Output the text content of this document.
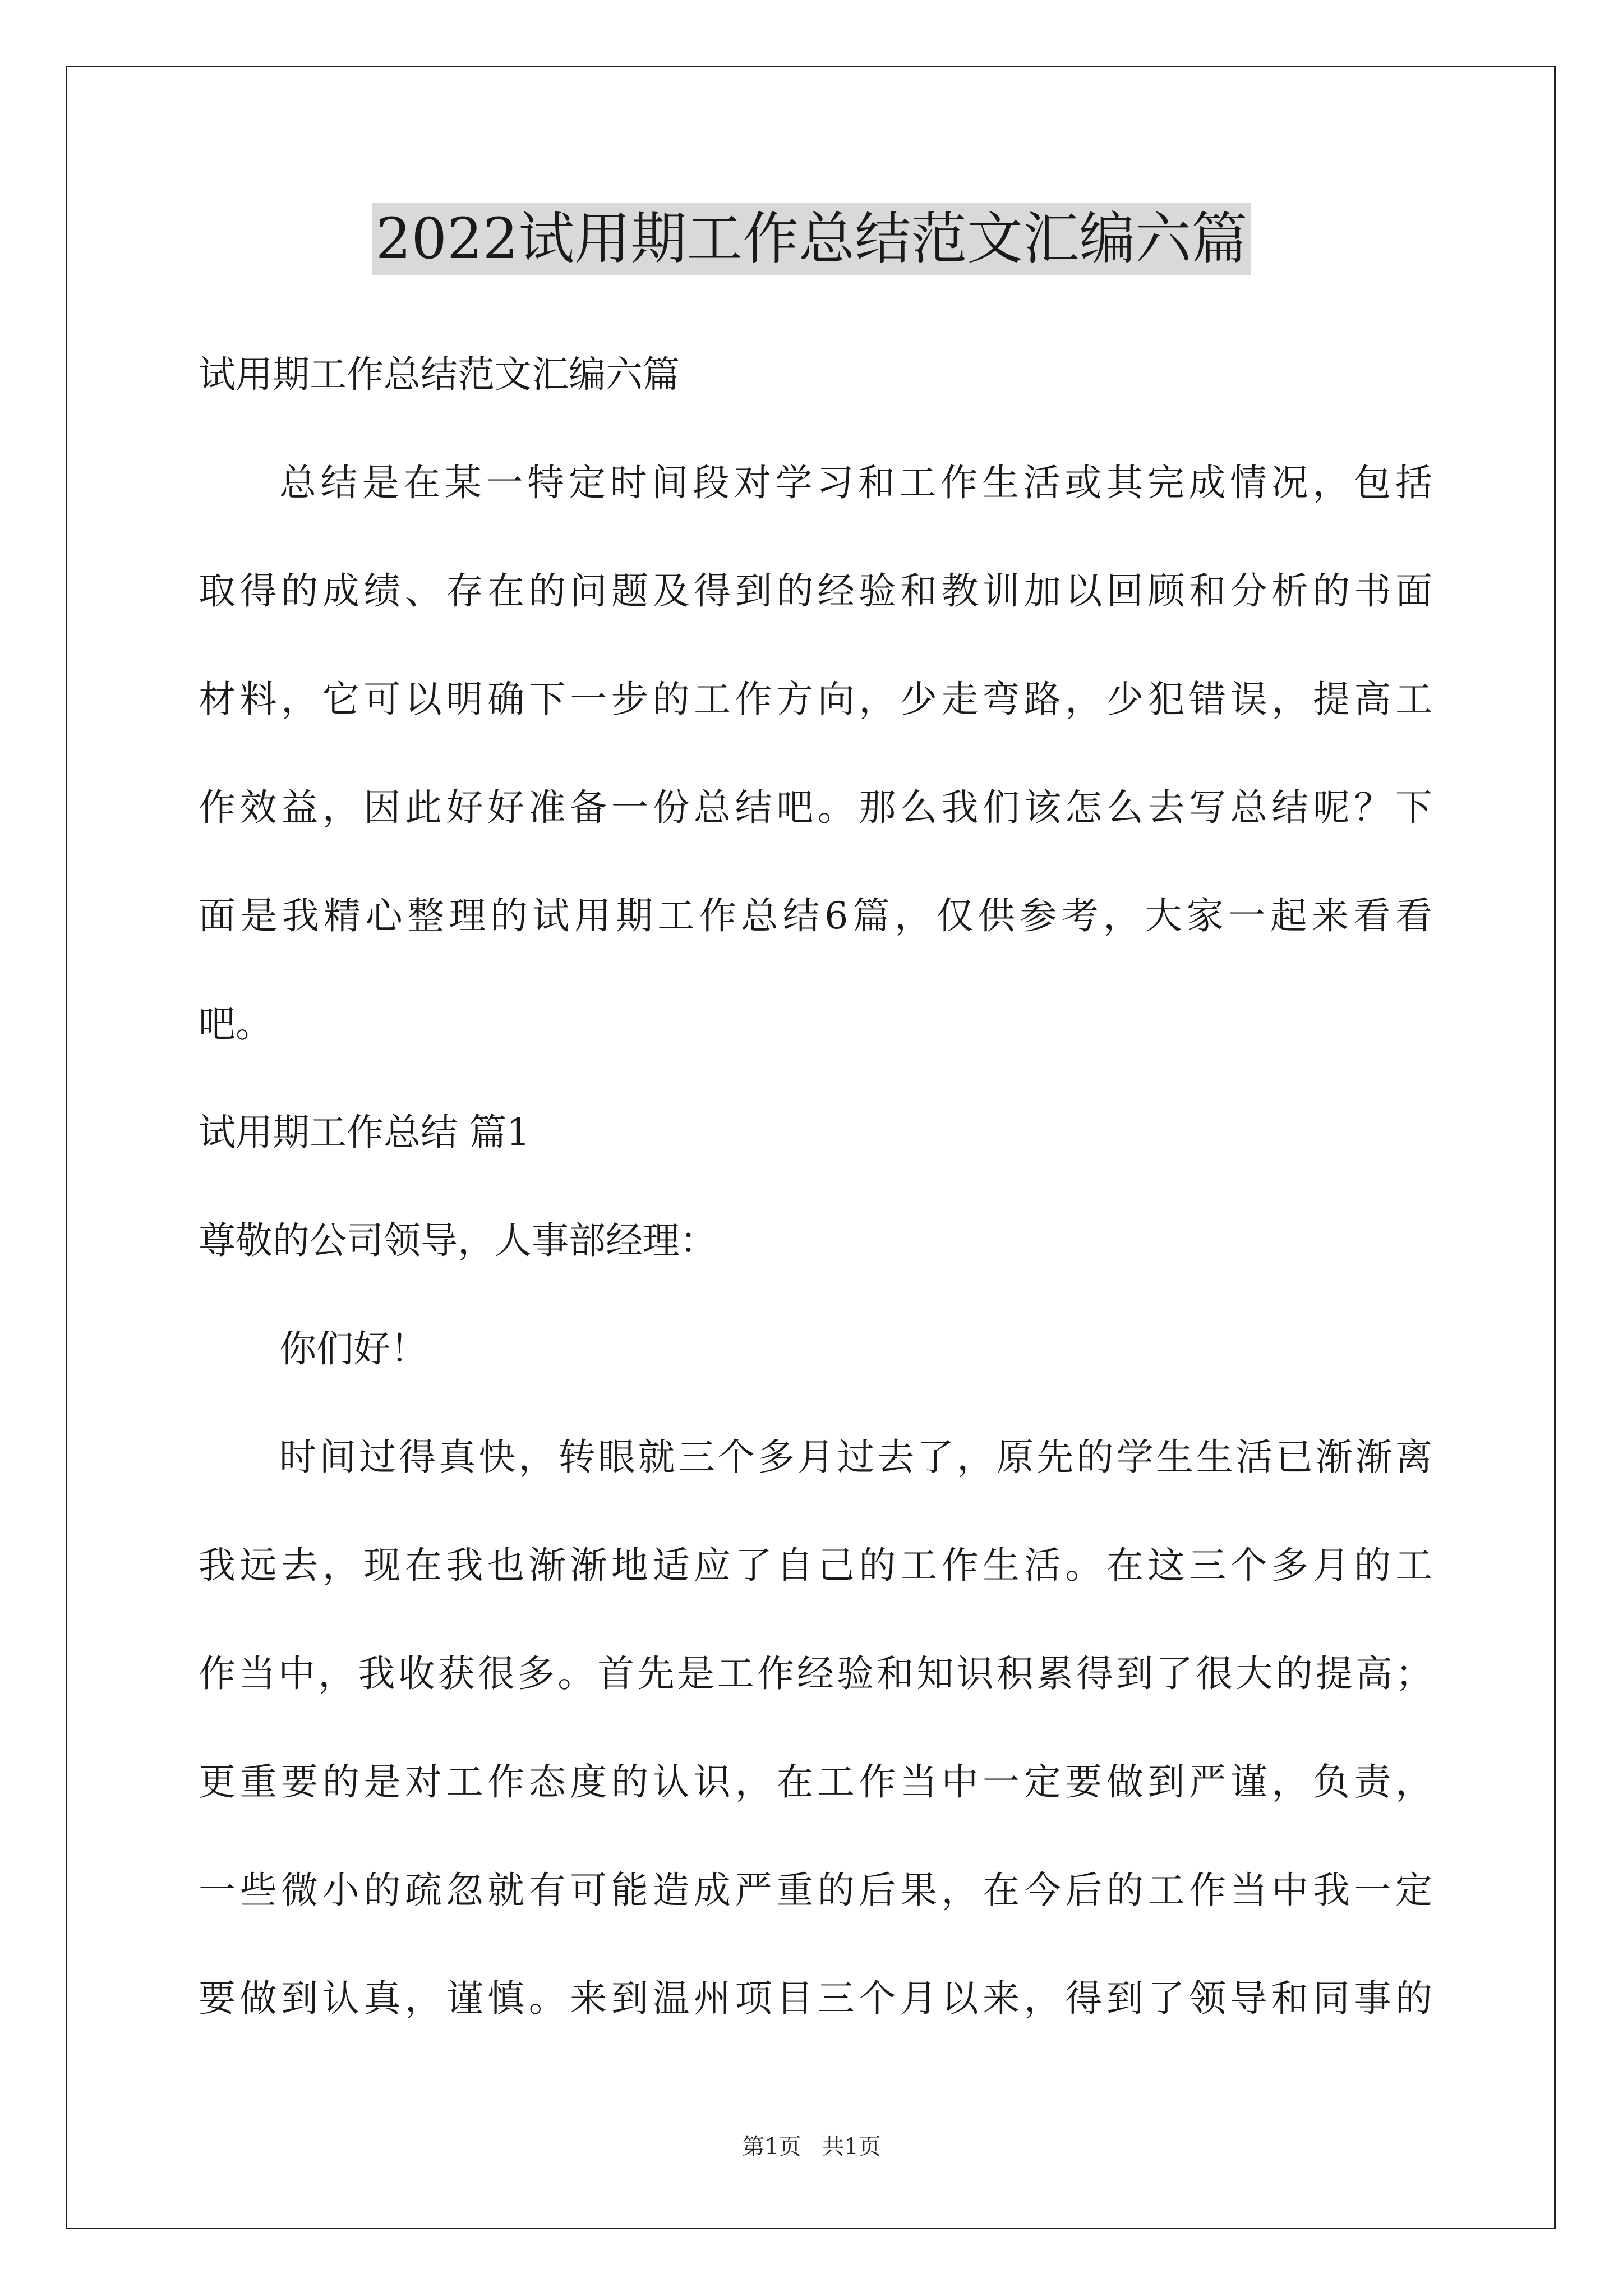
2022试用期工作总结范文汇编六篇
试用期工作总结范文汇编六篇
总结是在某一特定时间段对学习和工作生活或其完成情况，包括
取得的成绩、存在的问题及得到的经验和教训加以回顾和分析的书面
材料，它可以明确下一步的工作方向，少走弯路，少犯错误，提高工
作效益，因此好好准备一份总结吧。那么我们该怎么去写总结呢？下
面是我精心整理的试用期工作总结6篇，仅供参考，大家一起来看看
吧。
试用期工作总结 篇1
尊敬的公司领导，人事部经理：
你们好！
时间过得真快，转眼就三个多月过去了，原先的学生生活已渐渐离
我远去，现在我也渐渐地适应了自己的工作生活。在这三个多月的工
作当中，我收获很多。首先是工作经验和知识积累得到了很大的提高；
更重要的是对工作态度的认识，在工作当中一定要做到严谨，负责，
一些微小的疏忽就有可能造成严重的后果，在今后的工作当中我一定
要做到认真，谨慎。来到温州项目三个月以来，得到了领导和同事的
第1页 共1页
